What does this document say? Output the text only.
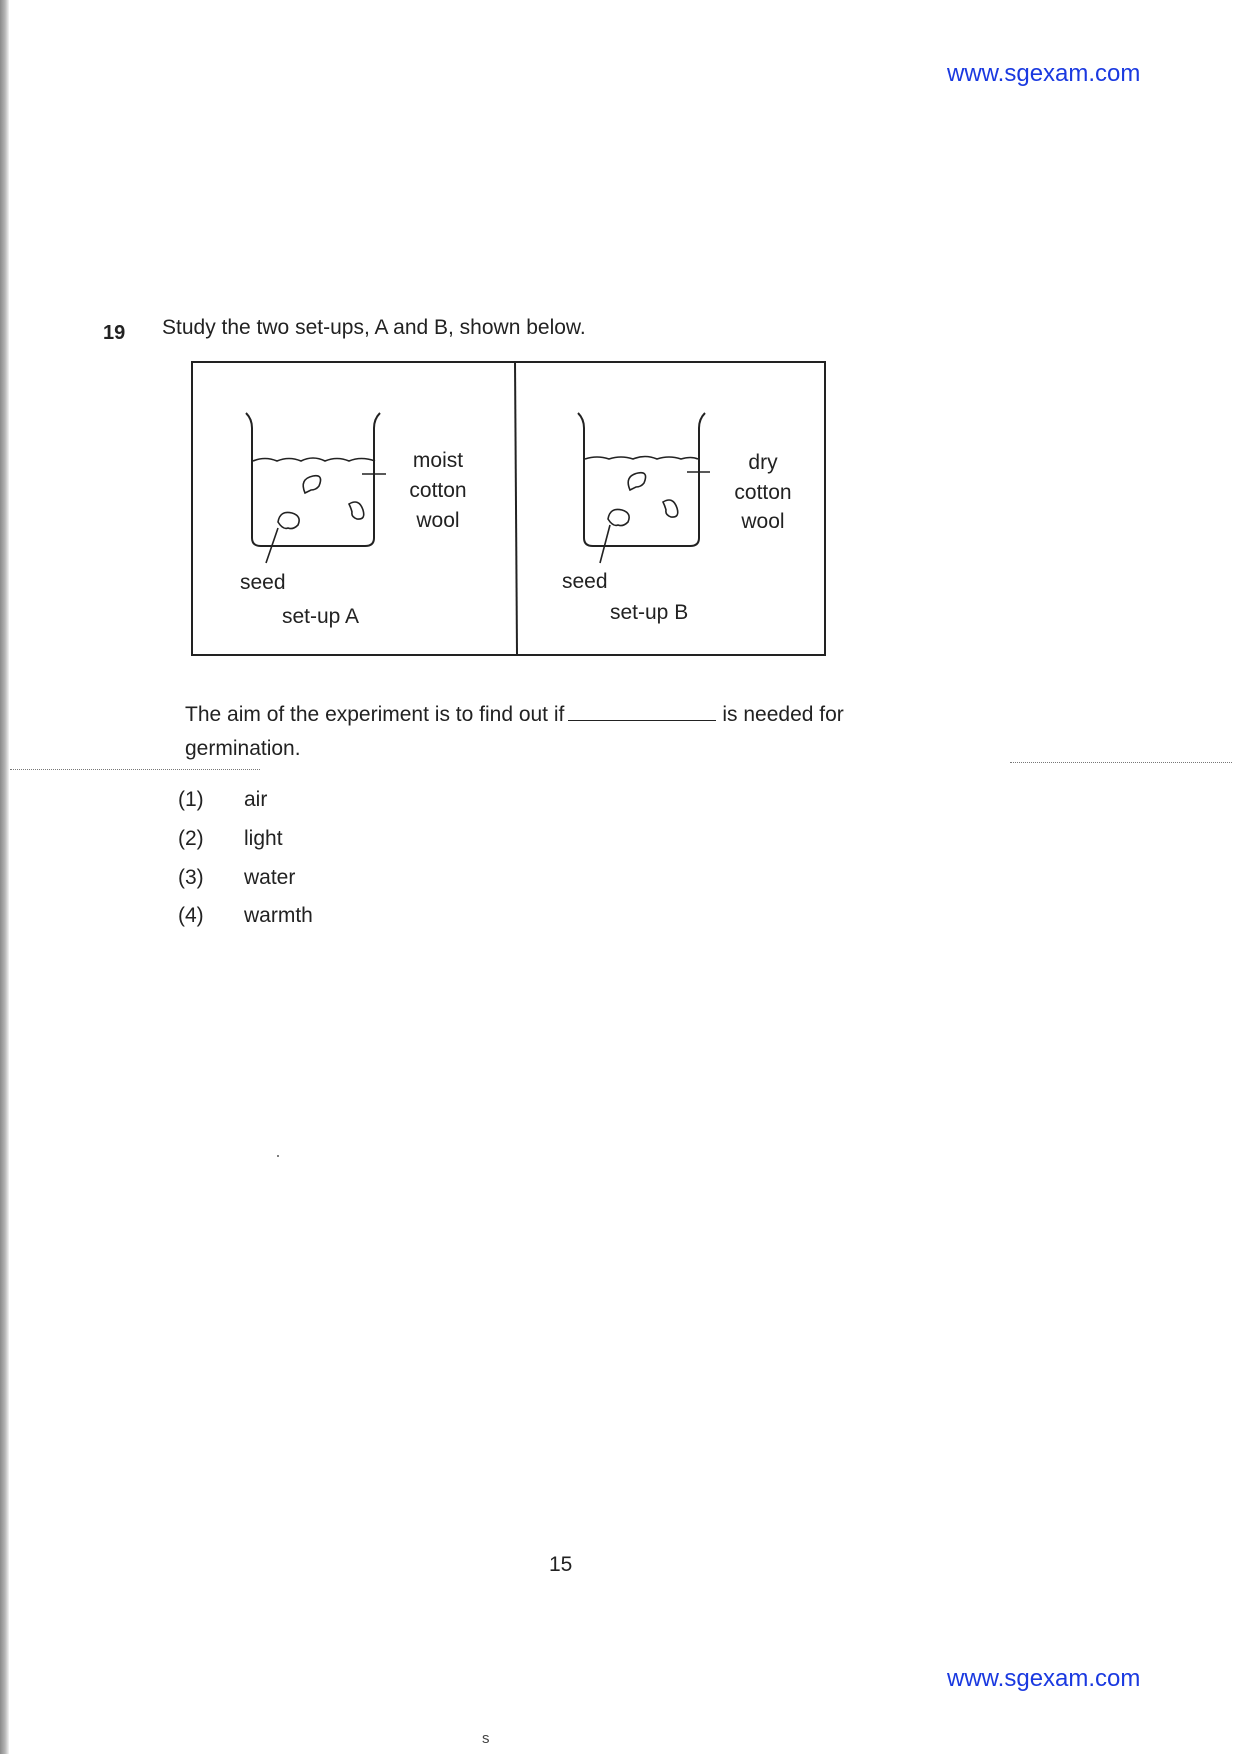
www.sgexam.com
19 Study the two set-ups, A and B, shown below.
seed
set-up A
moist
cotton
wool
seed
set-up B
dry
cotton
wool
The aim of the experiment is to find out if	is needed for
germination.
(1) air
(2) light
(3) water
(4) warmth
15
www.sgexam.com
s
